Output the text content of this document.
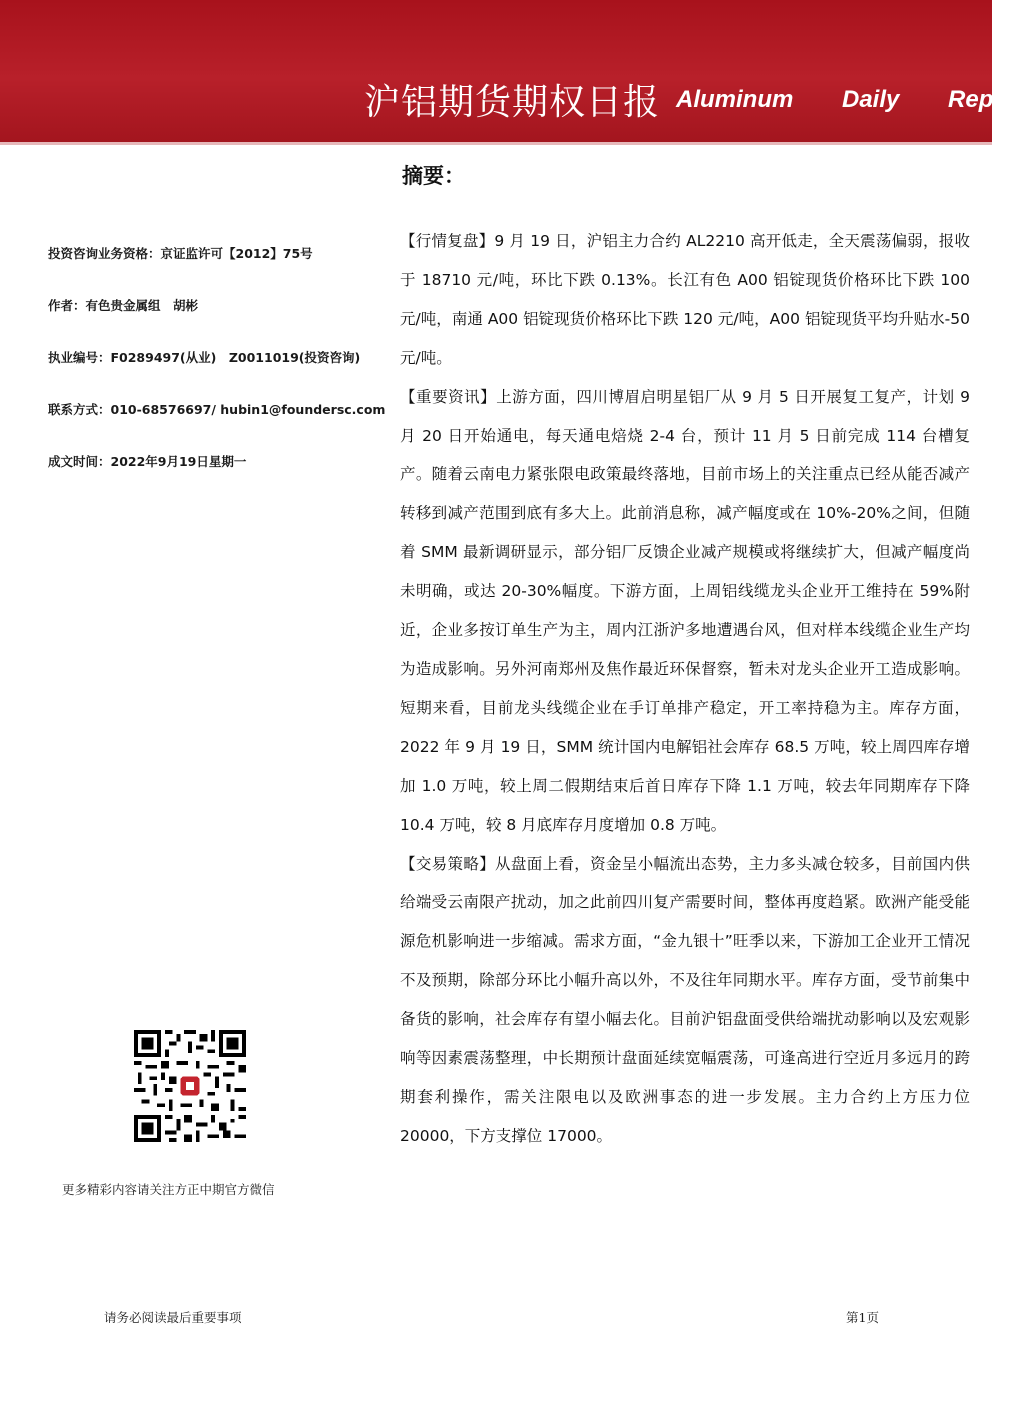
沪铝期货期权日报 Aluminum Daily Report
摘要：
投资咨询业务资格：京证监许可【2012】75号
作者：有色贵金属组　胡彬
执业编号：F0289497(从业)　Z0011019(投资咨询)
联系方式：010-68576697/ hubin1@foundersc.com
成文时间：2022年9月19日星期一
更多精彩内容请关注方正中期官方微信

【行情复盘】9 月 19 日，沪铝主力合约 AL2210 高开低走，全天震荡偏弱，报收于 18710 元/吨，环比下跌 0.13%。长江有色 A00 铝锭现货价格环比下跌 100 元/吨，南通 A00 铝锭现货价格环比下跌 120 元/吨，A00 铝锭现货平均升贴水-50 元/吨。

【重要资讯】上游方面，四川博眉启明星铝厂从 9 月 5 日开展复工复产，计划 9 月 20 日开始通电，每天通电焙烧 2-4 台，预计 11 月 5 日前完成 114 台槽复产。随着云南电力紧张限电政策最终落地，目前市场上的关注重点已经从能否减产转移到减产范围到底有多大上。此前消息称，减产幅度或在 10%-20%之间，但随着 SMM 最新调研显示，部分铝厂反馈企业减产规模或将继续扩大，但减产幅度尚未明确，或达 20-30%幅度。下游方面，上周铝线缆龙头企业开工维持在 59%附近，企业多按订单生产为主，周内江浙沪多地遭遇台风，但对样本线缆企业生产均为造成影响。另外河南郑州及焦作最近环保督察，暂未对龙头企业开工造成影响。短期来看，目前龙头线缆企业在手订单排产稳定，开工率持稳为主。库存方面，2022 年 9 月 19 日，SMM 统计国内电解铝社会库存 68.5 万吨，较上周四库存增加 1.0 万吨，较上周二假期结束后首日库存下降 1.1 万吨，较去年同期库存下降 10.4 万吨，较 8 月底库存月度增加 0.8 万吨。

【交易策略】从盘面上看，资金呈小幅流出态势，主力多头减仓较多，目前国内供给端受云南限产扰动，加之此前四川复产需要时间，整体再度趋紧。欧洲产能受能源危机影响进一步缩减。需求方面，“金九银十”旺季以来，下游加工企业开工情况不及预期，除部分环比小幅升高以外，不及往年同期水平。库存方面，受节前集中备货的影响，社会库存有望小幅去化。目前沪铝盘面受供给端扰动影响以及宏观影响等因素震荡整理，中长期预计盘面延续宽幅震荡，可逢高进行空近月多远月的跨期套利操作，需关注限电以及欧洲事态的进一步发展。主力合约上方压力位 20000，下方支撑位 17000。

请务必阅读最后重要事项	第1页
